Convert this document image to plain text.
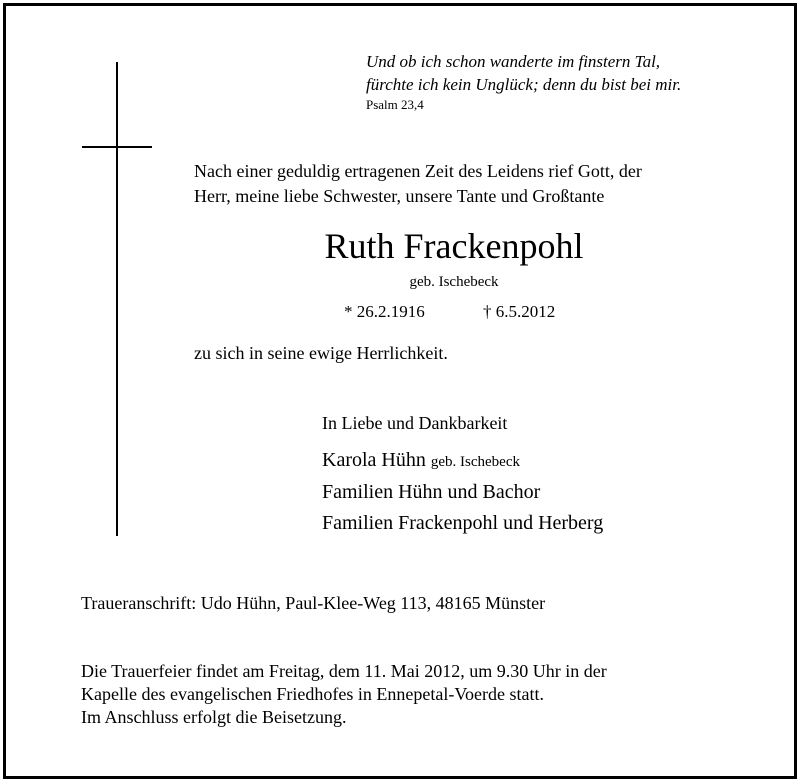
Und ob ich schon wanderte im finstern Tal,
fürchte ich kein Unglück; denn du bist bei mir.
Psalm 23,4
Nach einer geduldig ertragenen Zeit des Leidens rief Gott, der
Herr, meine liebe Schwester, unsere Tante und Großtante
Ruth Frackenpohl
geb. Ischebeck
* 26.2.1916	† 6.5.2012
zu sich in seine ewige Herrlichkeit.
In Liebe und Dankbarkeit
Karola Hühn geb. Ischebeck
Familien Hühn und Bachor
Familien Frackenpohl und Herberg
Traueranschrift: Udo Hühn, Paul-Klee-Weg 113, 48165 Münster
Die Trauerfeier findet am Freitag, dem 11. Mai 2012, um 9.30 Uhr in der
Kapelle des evangelischen Friedhofes in Ennepetal-Voerde statt.
Im Anschluss erfolgt die Beisetzung.
